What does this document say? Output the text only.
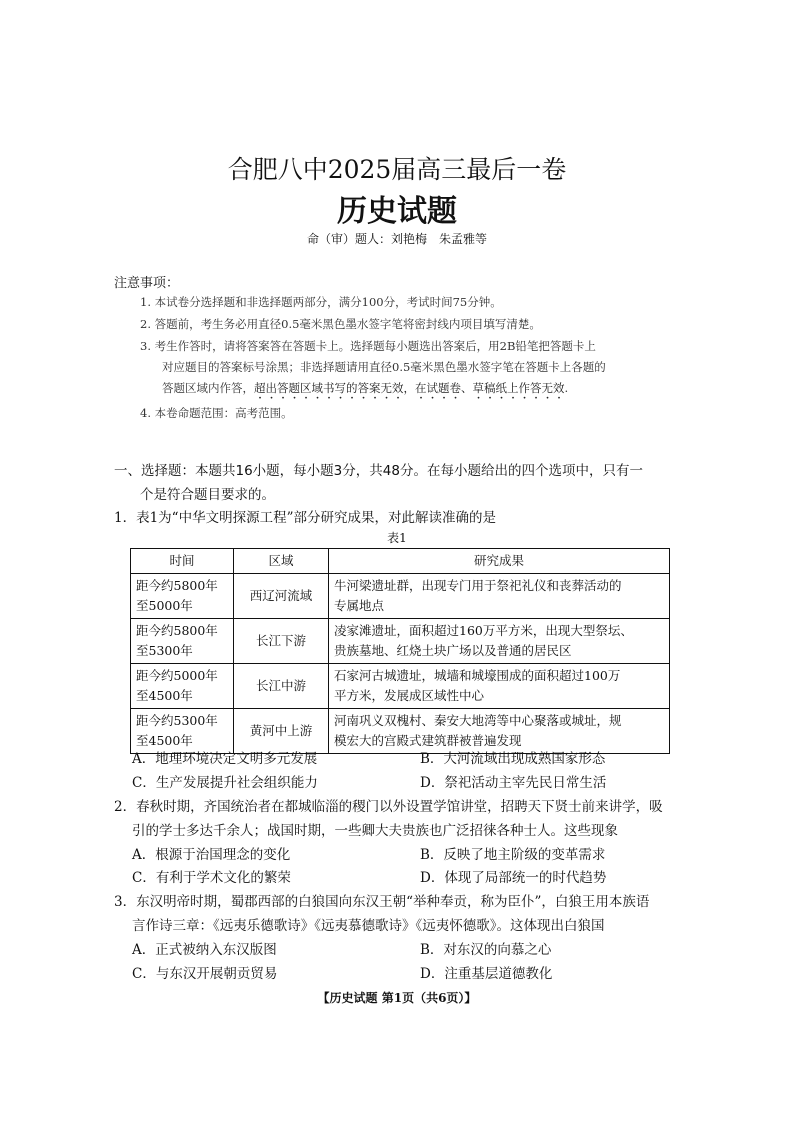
合肥八中2025届高三最后一卷
历史试题
命（审）题人：刘艳梅　朱孟雅等
注意事项：
1. 本试卷分选择题和非选择题两部分，满分100分，考试时间75分钟。
2. 答题前，考生务必用直径0.5毫米黑色墨水签字笔将密封线内项目填写清楚。
3. 考生作答时，请将答案答在答题卡上。选择题每小题选出答案后，用2B铅笔把答题卡上
对应题目的答案标号涂黑；非选择题请用直径0.5毫米黑色墨水签字笔在答题卡上各题的
答题区域内作答，超出答题区域书写的答案无效，在试题卷、草稿纸上作答无效.
4. 本卷命题范围：高考范围。
一、选择题：本题共16小题，每小题3分，共48分。在每小题给出的四个选项中，只有一
个是符合题目要求的。
1．表1为“中华文明探源工程”部分研究成果，对此解读准确的是
表1
时间	区域	研究成果
距今约5800年
至5000年	西辽河流域	牛河梁遗址群，出现专门用于祭祀礼仪和丧葬活动的
专属地点
距今约5800年
至5300年	长江下游	凌家滩遗址，面积超过160万平方米，出现大型祭坛、
贵族墓地、红烧土块广场以及普通的居民区
距今约5000年
至4500年	长江中游	石家河古城遗址，城墙和城壕围成的面积超过100万
平方米，发展成区域性中心
距今约5300年
至4500年	黄河中上游	河南巩义双槐村、秦安大地湾等中心聚落或城址，规
模宏大的宫殿式建筑群被普遍发现
A．地理环境决定文明多元发展	B．大河流域出现成熟国家形态
C．生产发展提升社会组织能力	D．祭祀活动主宰先民日常生活
2．春秋时期，齐国统治者在都城临淄的稷门以外设置学馆讲堂，招聘天下贤士前来讲学，吸
引的学士多达千余人；战国时期，一些卿大夫贵族也广泛招徕各种士人。这些现象
A．根源于治国理念的变化	B．反映了地主阶级的变革需求
C．有利于学术文化的繁荣	D．体现了局部统一的时代趋势
3．东汉明帝时期，蜀郡西部的白狼国向东汉王朝“举种奉贡，称为臣仆”，白狼王用本族语
言作诗三章：《远夷乐德歌诗》《远夷慕德歌诗》《远夷怀德歌》。这体现出白狼国
A．正式被纳入东汉版图	B．对东汉的向慕之心
C．与东汉开展朝贡贸易	D．注重基层道德教化
【历史试题 第1页（共6页）】
